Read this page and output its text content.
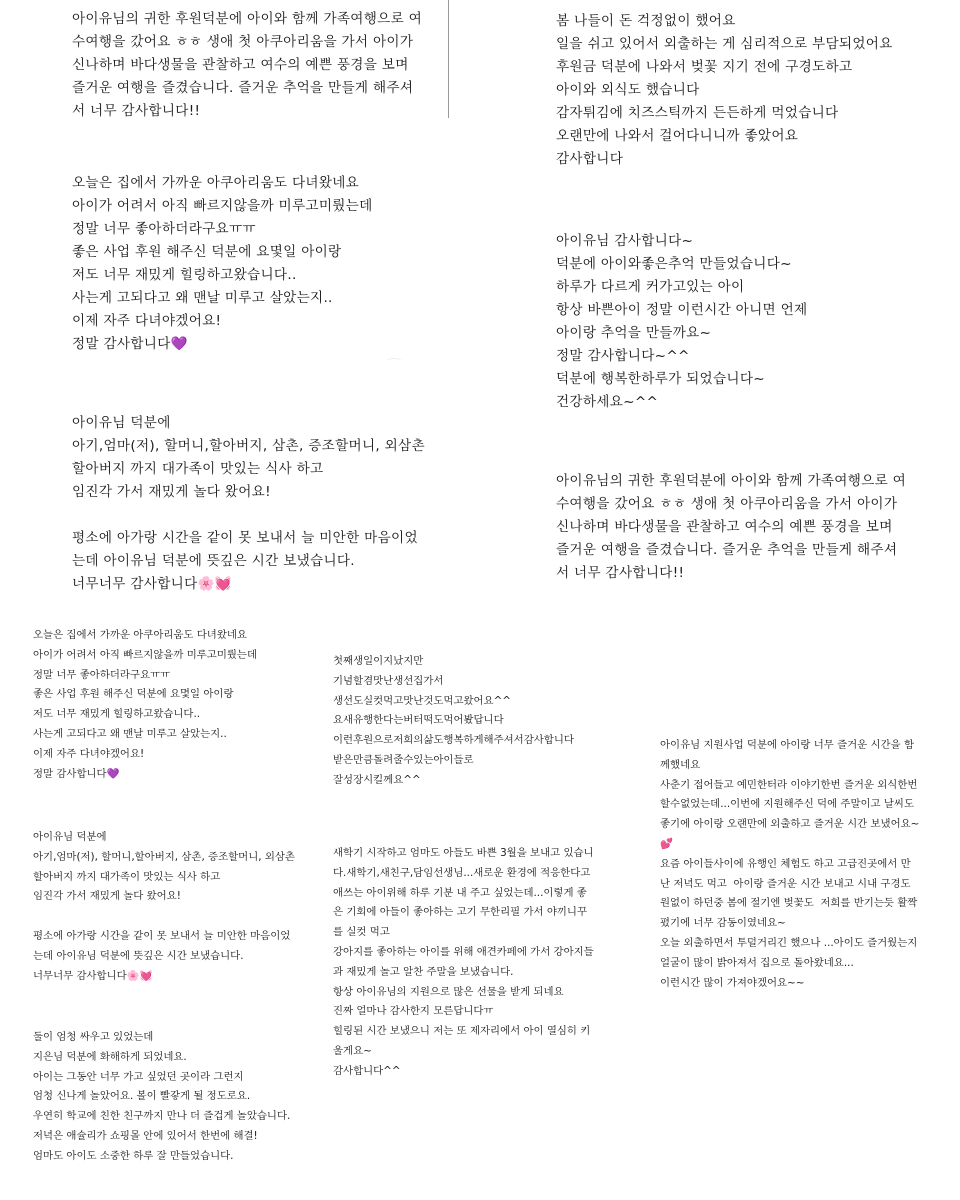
아이유님의 귀한 후원덕분에 아이와 함께 가족여행으로 여
수여행을 갔어요 ㅎㅎ 생애 첫 아쿠아리움을 가서 아이가
신나하며 바다생물을 관찰하고 여수의 예쁜 풍경을 보며
즐거운 여행을 즐겼습니다. 즐거운 추억을 만들게 해주셔
서 너무 감사합니다!!
봄 나들이 돈 걱정없이 했어요
일을 쉬고 있어서 외출하는 게 심리적으로 부담되었어요
후원금 덕분에 나와서 벚꽃 지기 전에 구경도하고
아이와 외식도 했습니다
감자튀김에 치즈스틱까지 든든하게 먹었습니다
오랜만에 나와서 걸어다니니까 좋았어요
감사합니다
오늘은 집에서 가까운 아쿠아리움도 다녀왔네요
아이가 어려서 아직 빠르지않을까 미루고미뤘는데
정말 너무 좋아하더라구요ㅠㅠ
좋은 사업 후원 해주신 덕분에 요몇일 아이랑
저도 너무 재밌게 힐링하고왔습니다..
사는게 고되다고 왜 맨날 미루고 살았는지..
이제 자주 다녀야겠어요!
정말 감사합니다💜
아이유님 감사합니다~
덕분에 아이와좋은추억 만들었습니다~
하루가 다르게 커가고있는 아이
항상 바쁜아이 정말 이런시간 아니면 언제
아이랑 추억을 만들까요~
정말 감사합니다~^^
덕분에 행복한하루가 되었습니다~
건강하세요~^^
아이유님 덕분에
아기,엄마(저), 할머니,할아버지, 삼촌, 증조할머니, 외삼촌
할아버지 까지 대가족이 맛있는 식사 하고
임진각 가서 재밌게 놀다 왔어요!

평소에 아가랑 시간을 같이 못 보내서 늘 미안한 마음이었
는데 아이유님 덕분에 뜻깊은 시간 보냈습니다.
너무너무 감사합니다🌸💓
아이유님의 귀한 후원덕분에 아이와 함께 가족여행으로 여
수여행을 갔어요 ㅎㅎ 생애 첫 아쿠아리움을 가서 아이가
신나하며 바다생물을 관찰하고 여수의 예쁜 풍경을 보며
즐거운 여행을 즐겼습니다. 즐거운 추억을 만들게 해주셔
서 너무 감사합니다!!
오늘은 집에서 가까운 아쿠아리움도 다녀왔네요
아이가 어려서 아직 빠르지않을까 미루고미뤘는데
정말 너무 좋아하더라구요ㅠㅠ
좋은 사업 후원 해주신 덕분에 요몇일 아이랑
저도 너무 재밌게 힐링하고왔습니다..
사는게 고되다고 왜 맨날 미루고 살았는지..
이제 자주 다녀야겠어요!
정말 감사합니다💜
첫째생일이지났지만
기념할겸맛난생선집가서
생선도실컷먹고맛난것도먹고왔어요^^
요새유행한다는버터떡도먹어봤답니다
이런후원으로저희의삶도행복하게해주셔서감사합니다
받은만큼돌려줄수있는아이들로
잘성장시킬께요^^
아이유님 지원사업 덕분에 아이랑 너무 즐거운 시간을 함
께했네요
사춘기 접어들고 예민한터라 이야기한번 즐거운 외식한번
할수없었는데...이번에 지원해주신 덕에 주말이고 날씨도
좋기에 아이랑 오랜만에 외출하고 즐거운 시간 보냈어요~
💕
요즘 아이들사이에 유행인 체험도 하고 고급진곳에서 만
난 저녁도 먹고  아이랑 즐거운 시간 보내고 시내 구경도
원없이 하던중 봄에 절기엔 벚꽃도  저희를 반기는듯 활짝
폈기에 너무 감동이였네요~
오늘 외출하면서 투덜거리긴 했으나 ...아이도 즐거웠는지
얼굴이 많이 밝아져서 집으로 돌아왔네요...
이런시간 많이 가져야겠어요~~
아이유님 덕분에
아기,엄마(저), 할머니,할아버지, 삼촌, 증조할머니, 외삼촌
할아버지 까지 대가족이 맛있는 식사 하고
임진각 가서 재밌게 놀다 왔어요!

평소에 아가랑 시간을 같이 못 보내서 늘 미안한 마음이었
는데 아이유님 덕분에 뜻깊은 시간 보냈습니다.
너무너무 감사합니다🌸💓
새학기 시작하고 엄마도 아들도 바쁜 3월을 보내고 있습니
다.새학기,새친구,담임선생님...새로운 환경에 적응한다고
애쓰는 아이위해 하루 기분 내 주고 싶었는데...이렇게 좋
은 기회에 아들이 좋아하는 고기 무한리필 가서 야끼니꾸
를 실컷 먹고
강아지를 좋아하는 아이를 위해 애견카페에 가서 강아지들
과 재밌게 놀고 알찬 주말을 보냈습니다.
항상 아이유님의 지원으로 많은 선물을 받게 되네요
진짜 얼마나 감사한지 모른답니다ㅠ
힐링된 시간 보냈으니 저는 또 제자리에서 아이 열심히 키
울게요~
감사합니다^^
둘이 엄청 싸우고 있었는데
지은님 덕분에 화해하게 되었네요.
아이는 그동안 너무 가고 싶었던 곳이라 그런지
엄청 신나게 놀았어요. 볼이 빨갛게 될 정도로요.
우연히 학교에 친한 친구까지 만나 더 즐겁게 놀았습니다.
저녁은 애슐리가 쇼핑몰 안에 있어서 한번에 해결!
엄마도 아이도 소중한 하루 잘 만들었습니다.
